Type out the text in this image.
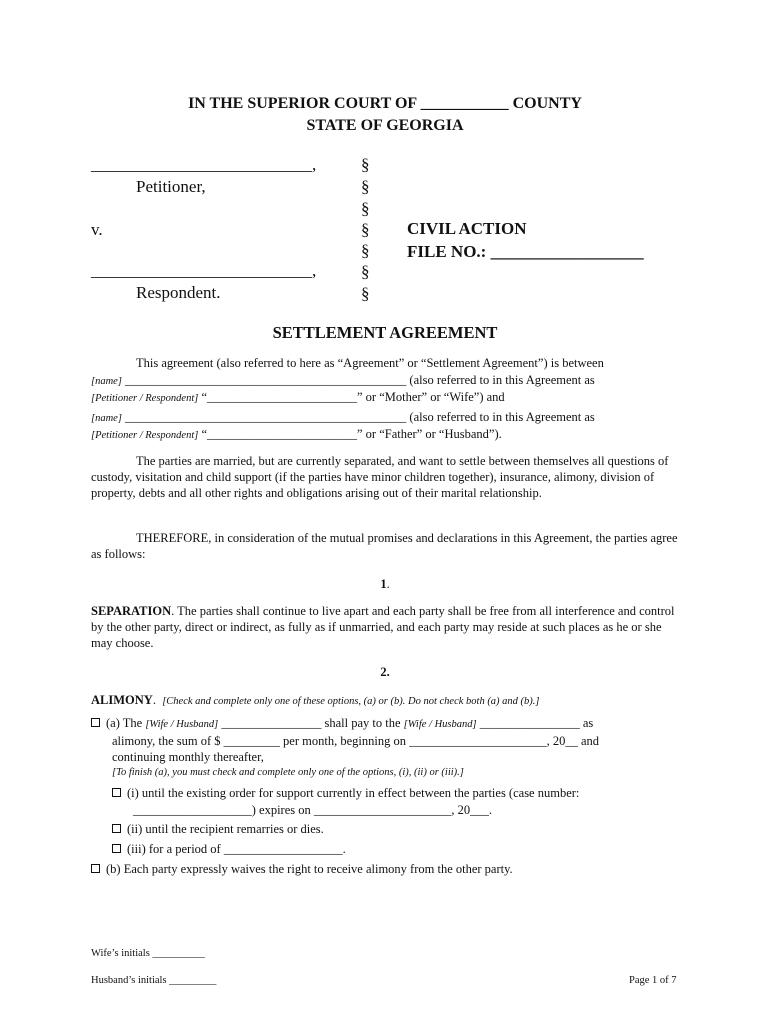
IN THE SUPERIOR COURT OF ___________ COUNTY
STATE OF GEORGIA
__________________________,
Petitioner,
v.
__________________________,
Respondent.
§
§
§
§
§
§
§
CIVIL ACTION
FILE NO.: __________________
SETTLEMENT AGREEMENT
This agreement (also referred to here as “Agreement” or “Settlement Agreement”) is between
[name] _____________________________________________ (also referred to in this Agreement as
[Petitioner / Respondent] “________________________” or “Mother” or “Wife”) and
[name] _____________________________________________ (also referred to in this Agreement as
[Petitioner / Respondent] “________________________” or “Father” or “Husband”).
The parties are married, but are currently separated, and want to settle between themselves all questions of custody, visitation and child support (if the parties have minor children together), insurance, alimony, division of property, debts and all other rights and obligations arising out of their marital relationship.
THEREFORE, in consideration of the mutual promises and declarations in this Agreement, the parties agree as follows:
1.
SEPARATION. The parties shall continue to live apart and each party shall be free from all interference and control by the other party, direct or indirect, as fully as if unmarried, and each party may reside at such places as he or she may choose.
2.
ALIMONY. [Check and complete only one of these options, (a) or (b). Do not check both (a) and (b).]
(a) The [Wife / Husband] ________________ shall pay to the [Wife / Husband] ________________ as
alimony, the sum of $ _________ per month, beginning on ______________________, 20__ and
continuing monthly thereafter,
[To finish (a), you must check and complete only one of the options, (i), (ii) or (iii).]
(i) until the existing order for support currently in effect between the parties (case number:
___________________) expires on ______________________, 20___.
(ii) until the recipient remarries or dies.
(iii) for a period of ___________________.
(b) Each party expressly waives the right to receive alimony from the other party.
Wife’s initials __________
Husband’s initials _________	Page 1 of 7
